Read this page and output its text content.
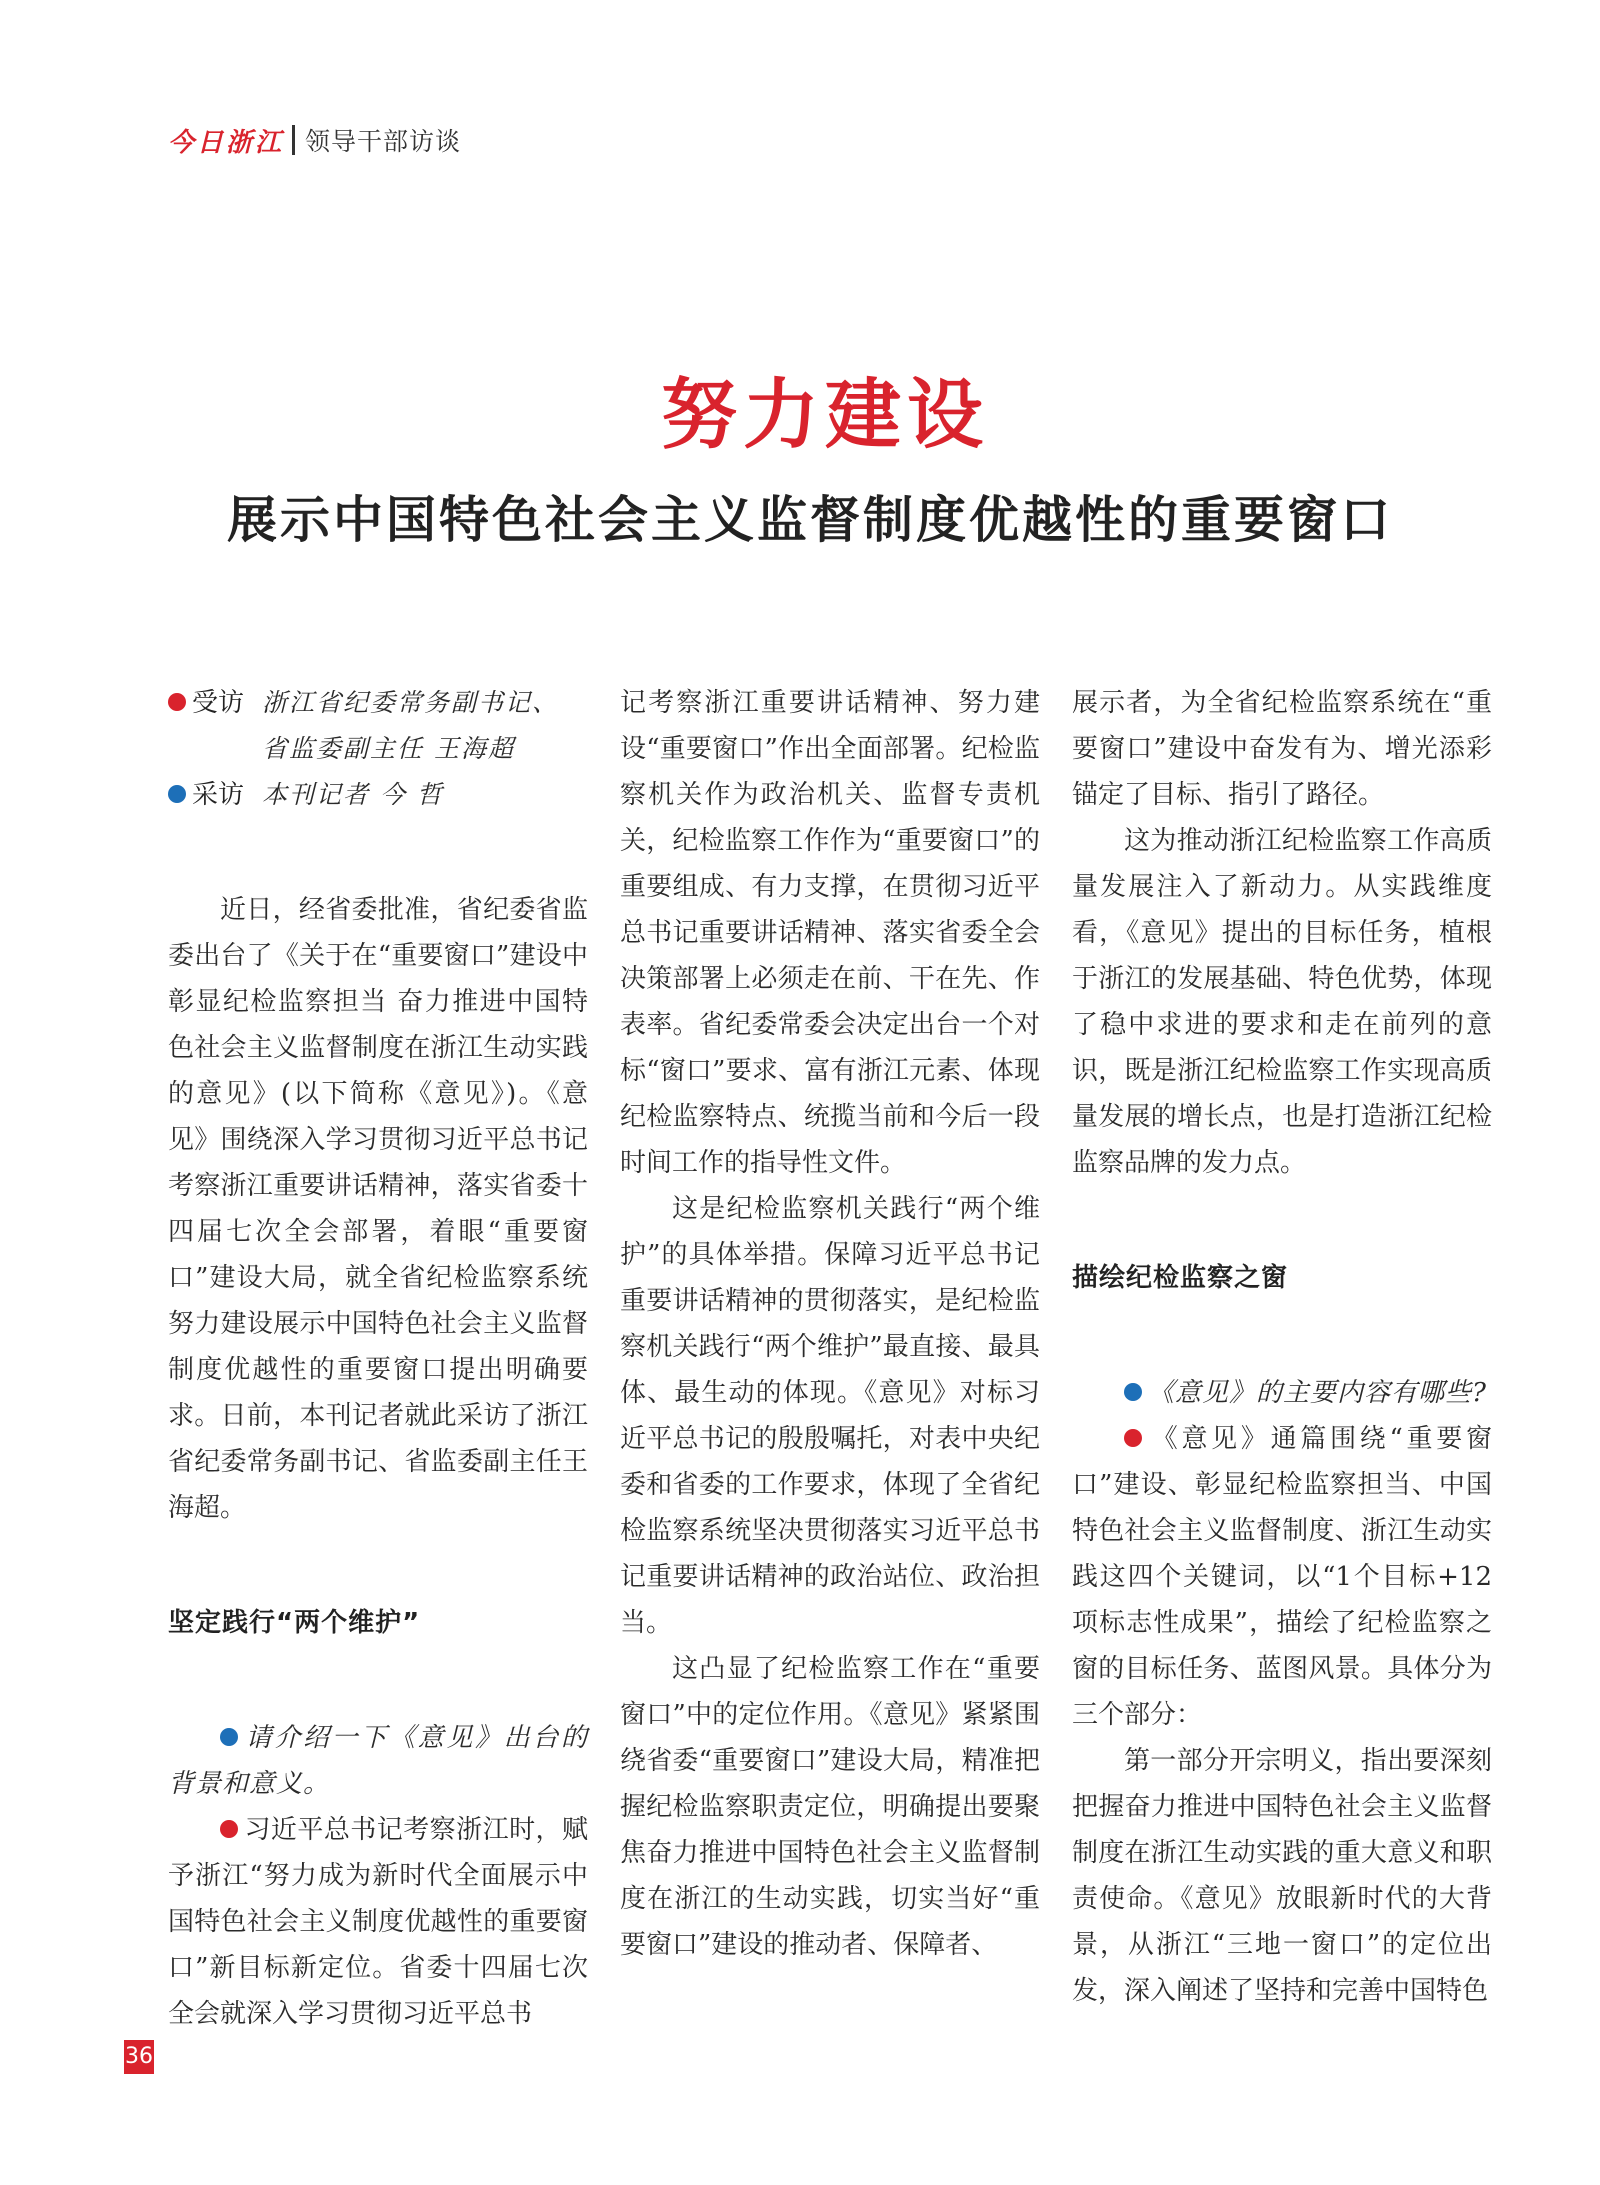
今日浙江 领导干部访谈
努力建设
展示中国特色社会主义监督制度优越性的重要窗口
受访 浙江省纪委常务副书记、
省监委副主任 王海超
采访 本刊记者 今 哲

近日，经省委批准，省纪委省监委出台了《关于在“重要窗口”建设中彰显纪检监察担当 奋力推进中国特色社会主义监督制度在浙江生动实践的意见》(以下简称《意见》)。《意见》围绕深入学习贯彻习近平总书记考察浙江重要讲话精神，落实省委十四届七次全会部署，着眼“重要窗口”建设大局，就全省纪检监察系统努力建设展示中国特色社会主义监督制度优越性的重要窗口提出明确要求。日前，本刊记者就此采访了浙江省纪委常务副书记、省监委副主任王海超。

坚定践行“两个维护”

请介绍一下《意见》出台的背景和意义。

习近平总书记考察浙江时，赋予浙江“努力成为新时代全面展示中国特色社会主义制度优越性的重要窗口”新目标新定位。省委十四届七次全会就深入学习贯彻习近平总书

记考察浙江重要讲话精神、努力建设“重要窗口”作出全面部署。纪检监察机关作为政治机关、监督专责机关，纪检监察工作作为“重要窗口”的重要组成、有力支撑，在贯彻习近平总书记重要讲话精神、落实省委全会决策部署上必须走在前、干在先、作表率。省纪委常委会决定出台一个对标“窗口”要求、富有浙江元素、体现纪检监察特点、统揽当前和今后一段时间工作的指导性文件。

这是纪检监察机关践行“两个维护”的具体举措。保障习近平总书记重要讲话精神的贯彻落实，是纪检监察机关践行“两个维护”最直接、最具体、最生动的体现。《意见》对标习近平总书记的殷殷嘱托，对表中央纪委和省委的工作要求，体现了全省纪检监察系统坚决贯彻落实习近平总书记重要讲话精神的政治站位、政治担当。

这凸显了纪检监察工作在“重要窗口”中的定位作用。《意见》紧紧围绕省委“重要窗口”建设大局，精准把握纪检监察职责定位，明确提出要聚焦奋力推进中国特色社会主义监督制度在浙江的生动实践，切实当好“重要窗口”建设的推动者、保障者、

展示者，为全省纪检监察系统在“重要窗口”建设中奋发有为、增光添彩锚定了目标、指引了路径。

这为推动浙江纪检监察工作高质量发展注入了新动力。从实践维度看，《意见》提出的目标任务，植根于浙江的发展基础、特色优势，体现了稳中求进的要求和走在前列的意识，既是浙江纪检监察工作实现高质量发展的增长点，也是打造浙江纪检监察品牌的发力点。

描绘纪检监察之窗

《意见》的主要内容有哪些?

《意见》通篇围绕“重要窗口”建设、彰显纪检监察担当、中国特色社会主义监督制度、浙江生动实践这四个关键词，以“1个目标+12项标志性成果”，描绘了纪检监察之窗的目标任务、蓝图风景。具体分为三个部分：

第一部分开宗明义，指出要深刻把握奋力推进中国特色社会主义监督制度在浙江生动实践的重大意义和职责使命。《意见》放眼新时代的大背景，从浙江“三地一窗口”的定位出发，深入阐述了坚持和完善中国特色

36
